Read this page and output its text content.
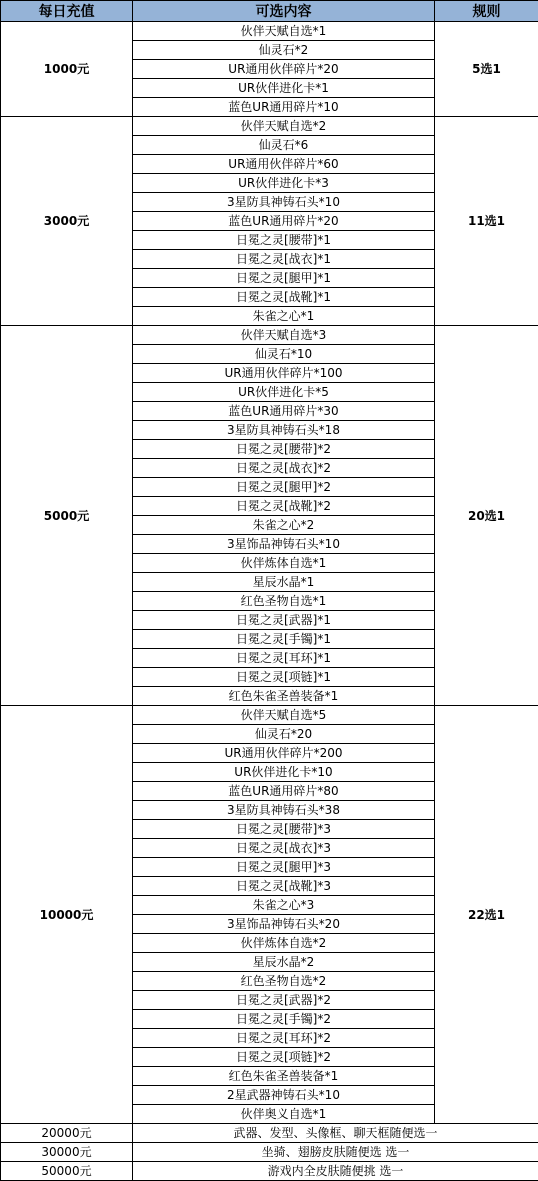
每日充值	可选内容	规则
1000元	伙伴天赋自选*1	5选1
	仙灵石*2	
	UR通用伙伴碎片*20	
	UR伙伴进化卡*1	
	蓝色UR通用碎片*10	
3000元	伙伴天赋自选*2	11选1
	仙灵石*6	
	UR通用伙伴碎片*60	
	UR伙伴进化卡*3	
	3星防具神铸石头*10	
	蓝色UR通用碎片*20	
	日冕之灵[腰带]*1	
	日冕之灵[战衣]*1	
	日冕之灵[腿甲]*1	
	日冕之灵[战靴]*1	
	朱雀之心*1	
5000元	伙伴天赋自选*3	20选1
	仙灵石*10	
	UR通用伙伴碎片*100	
	UR伙伴进化卡*5	
	蓝色UR通用碎片*30	
	3星防具神铸石头*18	
	日冕之灵[腰带]*2	
	日冕之灵[战衣]*2	
	日冕之灵[腿甲]*2	
	日冕之灵[战靴]*2	
	朱雀之心*2	
	3星饰品神铸石头*10	
	伙伴炼体自选*1	
	星辰水晶*1	
	红色圣物自选*1	
	日冕之灵[武器]*1	
	日冕之灵[手镯]*1	
	日冕之灵[耳环]*1	
	日冕之灵[项链]*1	
	红色朱雀圣兽装备*1	
10000元	伙伴天赋自选*5	22选1
	仙灵石*20	
	UR通用伙伴碎片*200	
	UR伙伴进化卡*10	
	蓝色UR通用碎片*80	
	3星防具神铸石头*38	
	日冕之灵[腰带]*3	
	日冕之灵[战衣]*3	
	日冕之灵[腿甲]*3	
	日冕之灵[战靴]*3	
	朱雀之心*3	
	3星饰品神铸石头*20	
	伙伴炼体自选*2	
	星辰水晶*2	
	红色圣物自选*2	
	日冕之灵[武器]*2	
	日冕之灵[手镯]*2	
	日冕之灵[耳环]*2	
	日冕之灵[项链]*2	
	红色朱雀圣兽装备*1	
	2星武器神铸石头*10	
	伙伴奥义自选*1	
20000元	武器、发型、头像框、聊天框随便选一	
30000元	坐骑、翅膀皮肤随便选 选一	
50000元	游戏内全皮肤随便挑 选一	
